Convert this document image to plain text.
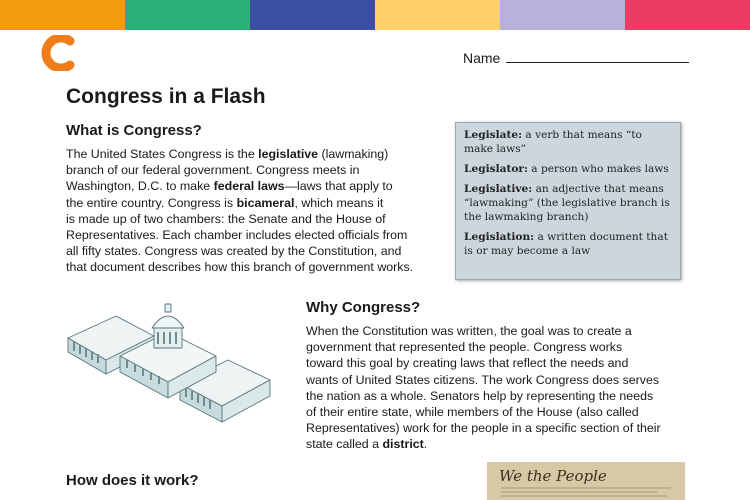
Name
Congress in a Flash
What is Congress?

The United States Congress is the legislative (lawmaking)
branch of our federal government. Congress meets in
Washington, D.C. to make federal laws—laws that apply to
the entire country. Congress is bicameral, which means it
is made up of two chambers: the Senate and the House of
Representatives. Each chamber includes elected officials from
all fifty states. Congress was created by the Constitution, and
that document describes how this branch of government works.

Legislate: a verb that means “to make laws”

Legislator: a person who makes laws

Legislative: an adjective that means “lawmaking” (the legislative branch is the lawmaking branch)

Legislation: a written document that is or may become a law

Why Congress?

When the Constitution was written, the goal was to create a
government that represented the people. Congress works
toward this goal by creating laws that reflect the needs and
wants of United States citizens. The work Congress does serves
the nation as a whole. Senators help by representing the needs
of their entire state, while members of the House (also called
Representatives) work for the people in a specific section of their
state called a district.

How does it work?	We the People
